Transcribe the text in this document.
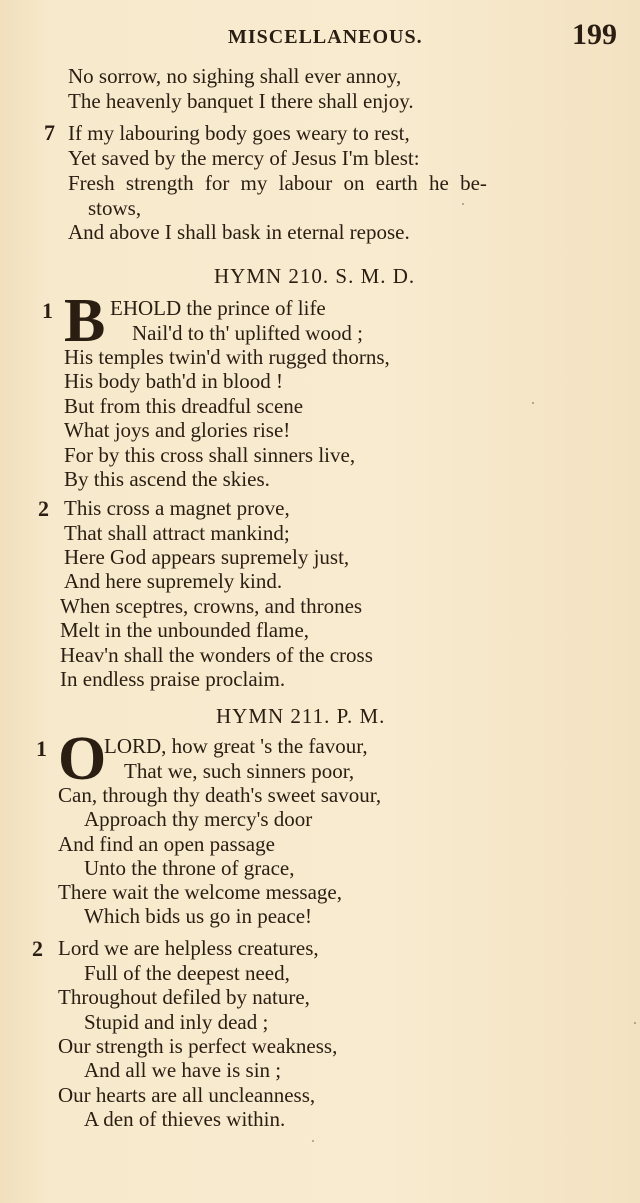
MISCELLANEOUS.	199
No sorrow, no sighing shall ever annoy,
The heavenly banquet I there shall enjoy.
7 If my labouring body goes weary to rest,
Yet saved by the mercy of Jesus I'm blest:
Fresh strength for my labour on earth he be-
stows,
And above I shall bask in eternal repose.
HYMN 210. S. M. D.
1 B EHOLD the prince of life
Nail'd to th' uplifted wood ;
His temples twin'd with rugged thorns,
His body bath'd in blood !
But from this dreadful scene
What joys and glories rise!
For by this cross shall sinners live,
By this ascend the skies.
2 This cross a magnet prove,
That shall attract mankind;
Here God appears supremely just,
And here supremely kind.
When sceptres, crowns, and thrones
Melt in the unbounded flame,
Heav'n shall the wonders of the cross
In endless praise proclaim.
HYMN 211. P. M.
1 O
LORD, how great 's the favour,
That we, such sinners poor,
Can, through thy death's sweet savour,
Approach thy mercy's door
And find an open passage
Unto the throne of grace,
There wait the welcome message,
Which bids us go in peace!
2 Lord we are helpless creatures,
Full of the deepest need,
Throughout defiled by nature,
Stupid and inly dead ;
Our strength is perfect weakness,
And all we have is sin ;
Our hearts are all uncleanness,
A den of thieves within.
